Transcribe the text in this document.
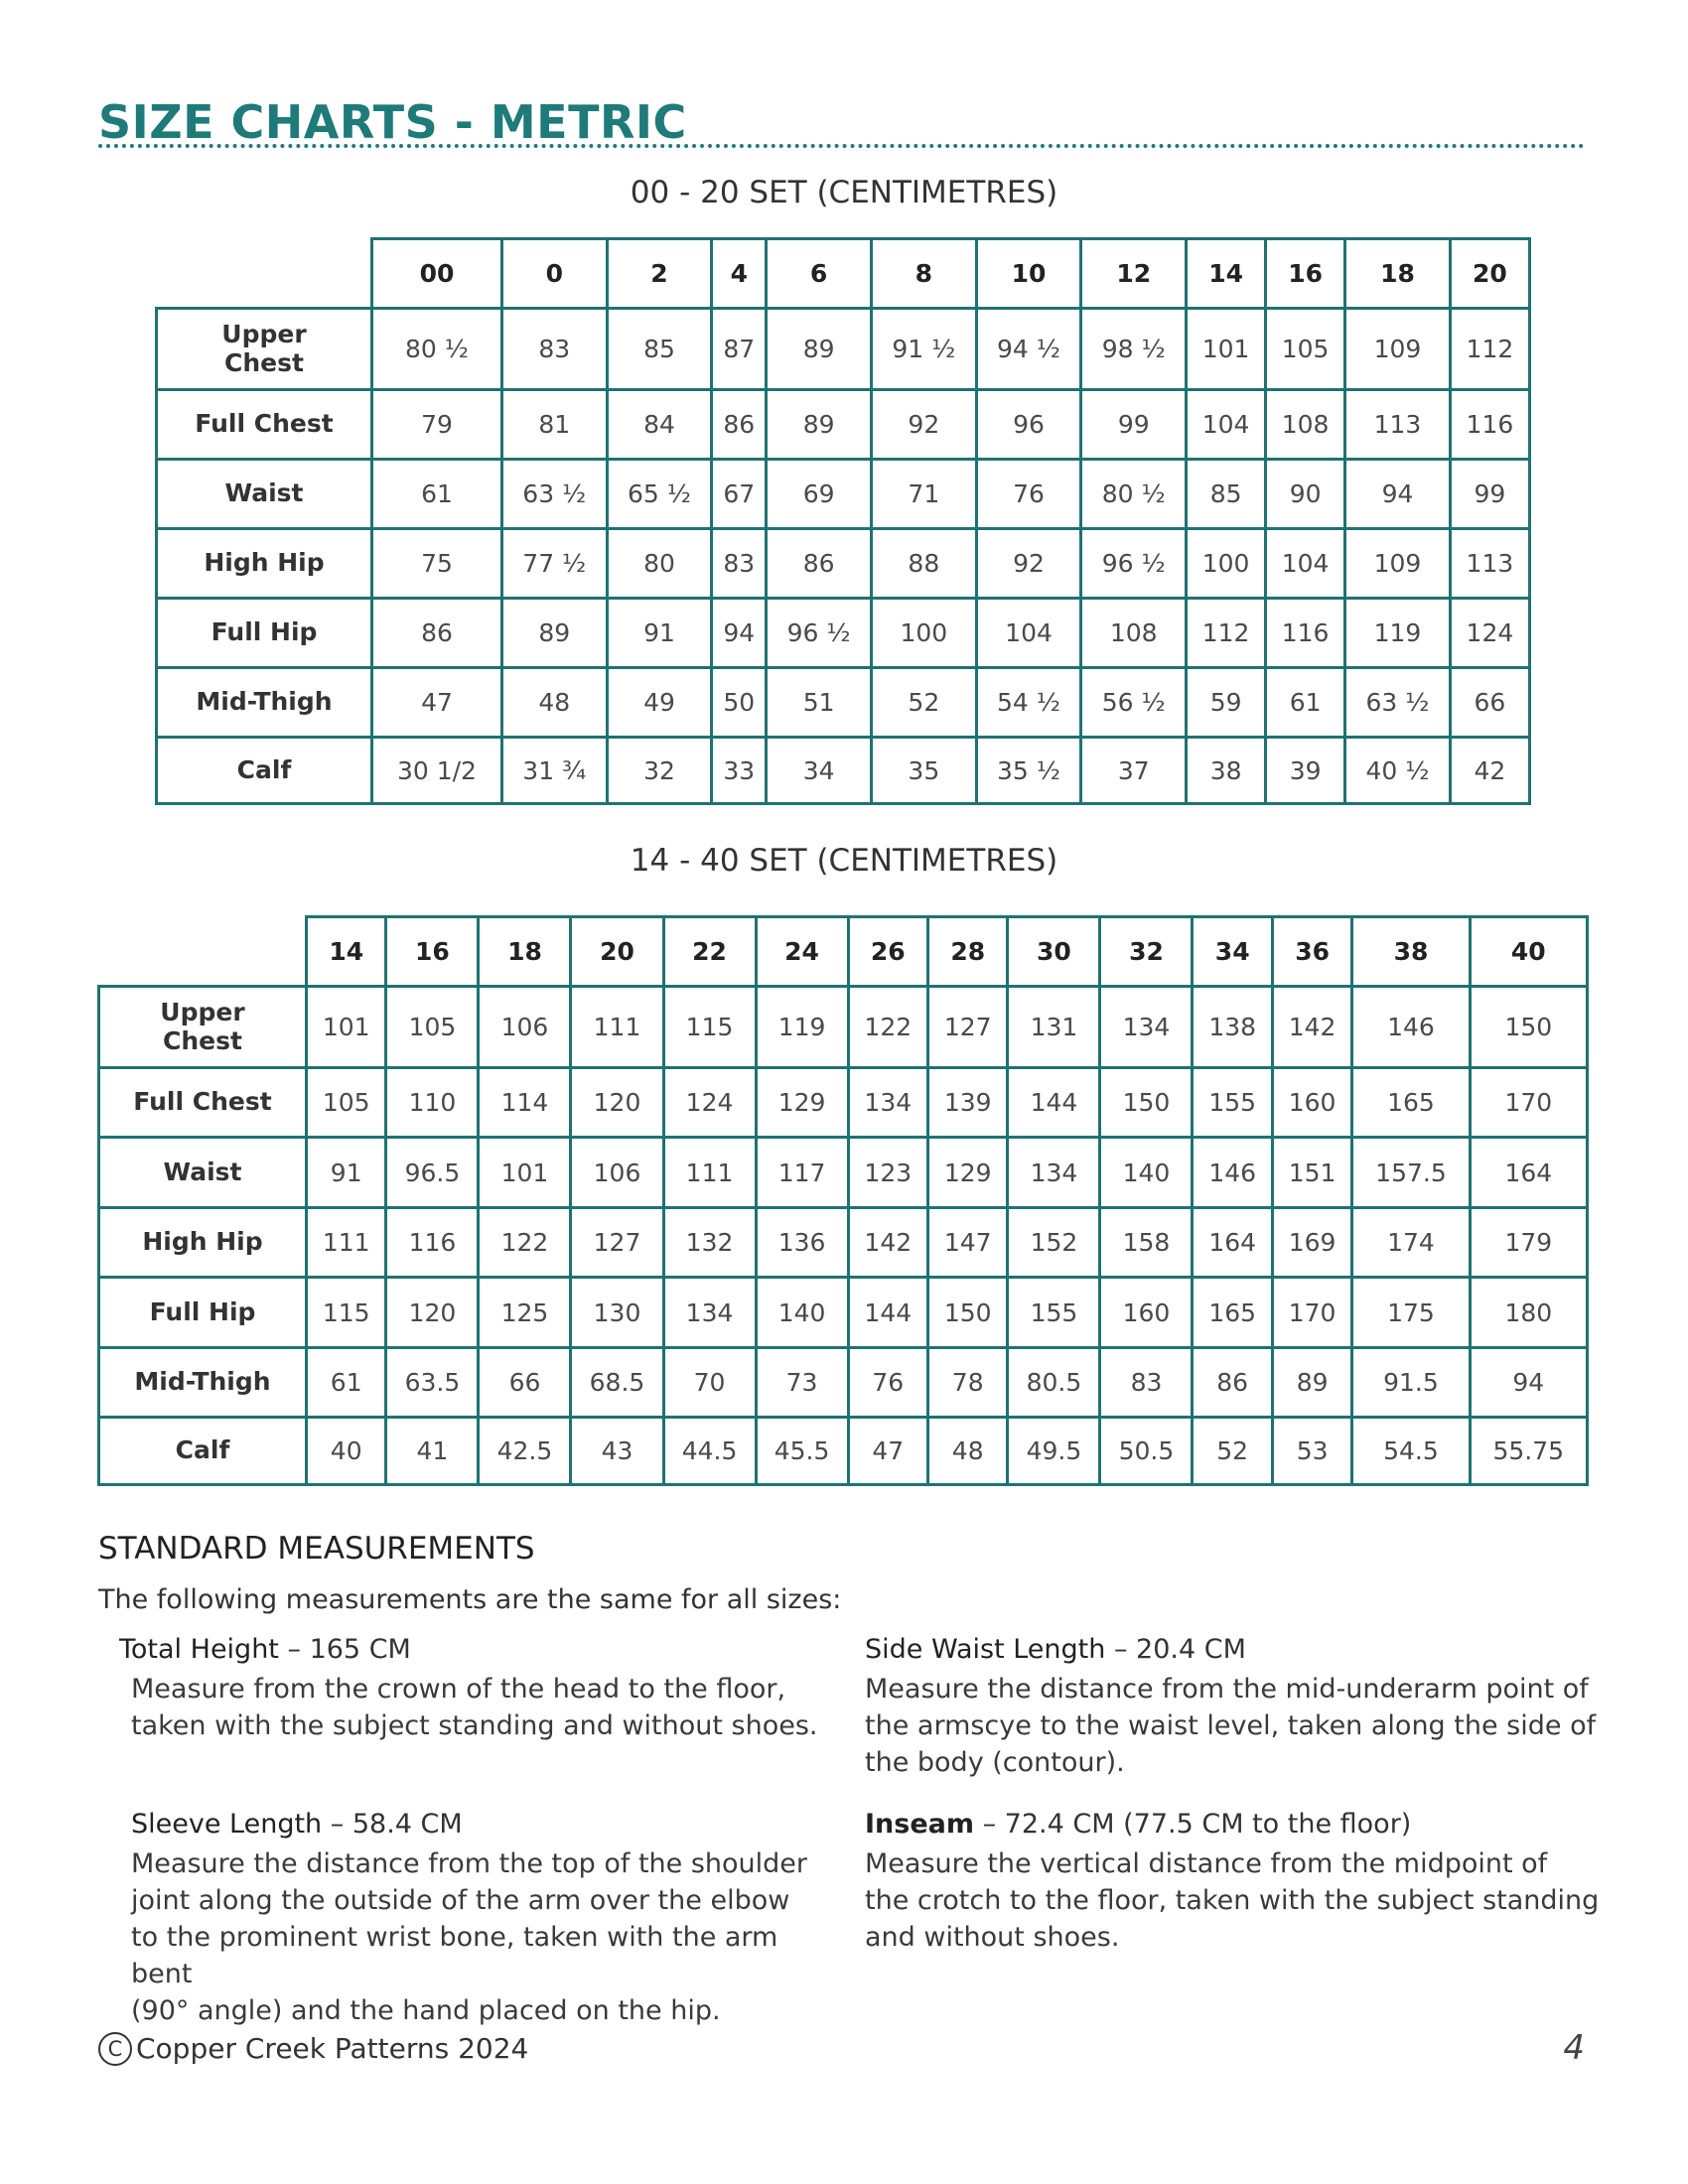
SIZE CHARTS - METRIC
00 - 20 SET (CENTIMETRES)
	00	0	2	4	6	8	10	12	14	16	18	20
Upper Chest	80 ½	83	85	87	89	91 ½	94 ½	98 ½	101	105	109	112
Full Chest	79	81	84	86	89	92	96	99	104	108	113	116
Waist	61	63 ½	65 ½	67	69	71	76	80 ½	85	90	94	99
High Hip	75	77 ½	80	83	86	88	92	96 ½	100	104	109	113
Full Hip	86	89	91	94	96 ½	100	104	108	112	116	119	124
Mid-Thigh	47	48	49	50	51	52	54 ½	56 ½	59	61	63 ½	66
Calf	30 1/2	31 ¾	32	33	34	35	35 ½	37	38	39	40 ½	42
14 - 40 SET (CENTIMETRES)
	14	16	18	20	22	24	26	28	30	32	34	36	38	40
Upper Chest	101	105	106	111	115	119	122	127	131	134	138	142	146	150
Full Chest	105	110	114	120	124	129	134	139	144	150	155	160	165	170
Waist	91	96.5	101	106	111	117	123	129	134	140	146	151	157.5	164
High Hip	111	116	122	127	132	136	142	147	152	158	164	169	174	179
Full Hip	115	120	125	130	134	140	144	150	155	160	165	170	175	180
Mid-Thigh	61	63.5	66	68.5	70	73	76	78	80.5	83	86	89	91.5	94
Calf	40	41	42.5	43	44.5	45.5	47	48	49.5	50.5	52	53	54.5	55.75
STANDARD MEASUREMENTS

The following measurements are the same for all sizes:

Total Height – 165 CM

Measure from the crown of the head to the floor,

taken with the subject standing and without shoes.

Side Waist Length – 20.4 CM

Measure the distance from the mid-underarm point of

the armscye to the waist level, taken along the side of

the body (contour).

Sleeve Length – 58.4 CM

Measure the distance from the top of the shoulder

joint along the outside of the arm over the elbow

to the prominent wrist bone, taken with the arm bent

(90° angle) and the hand placed on the hip.

Inseam – 72.4 CM (77.5 CM to the floor)

Measure the vertical distance from the midpoint of

the crotch to the floor, taken with the subject standing

and without shoes.

C Copper Creek Patterns 2024	4
